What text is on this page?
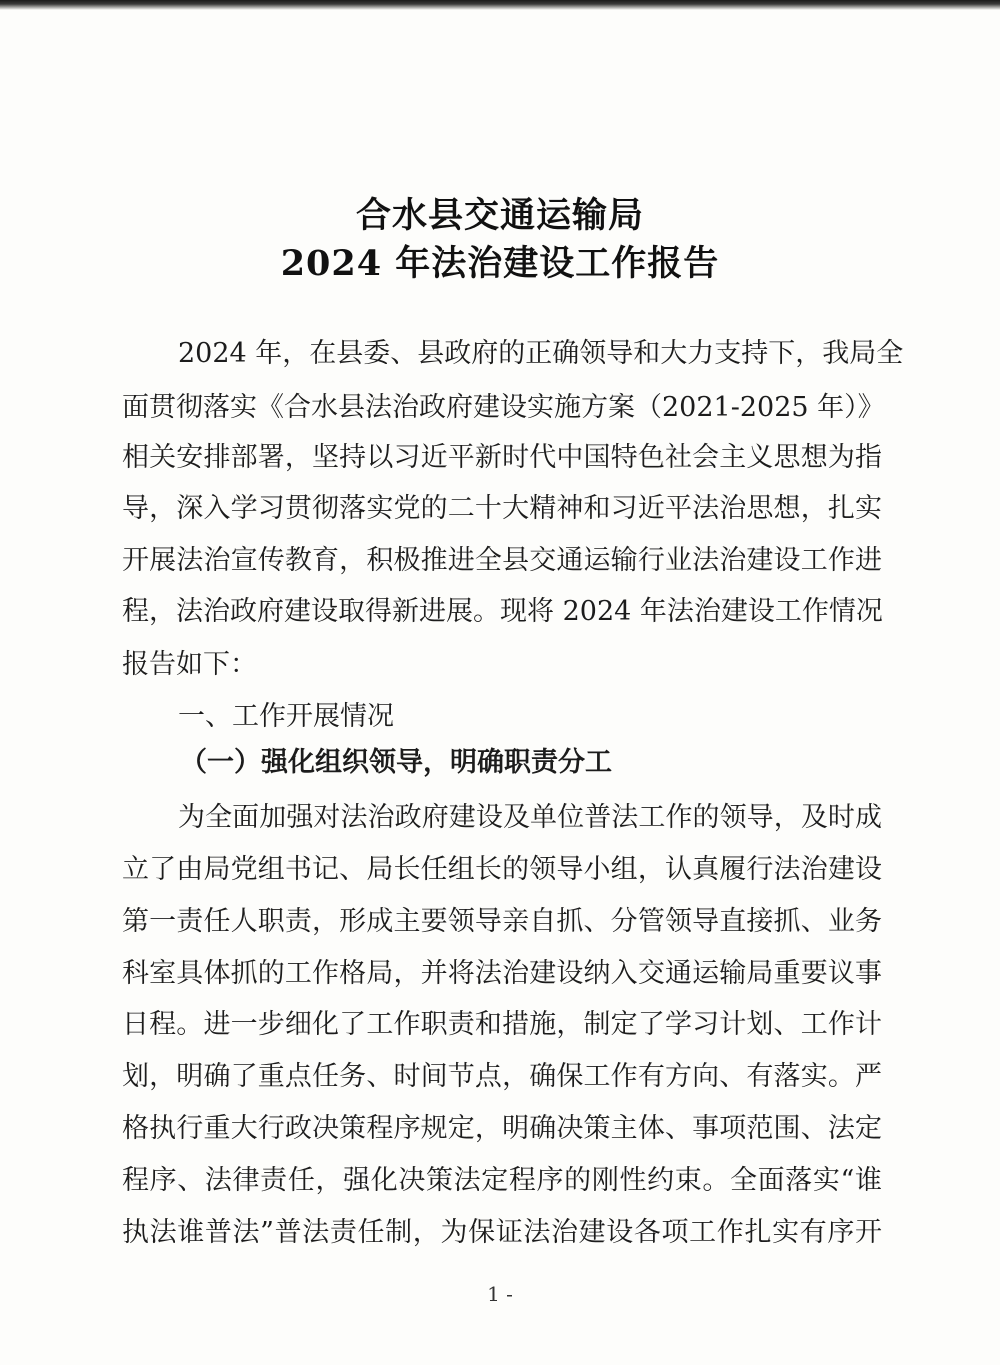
合水县交通运输局
2024 年法治建设工作报告

2024 年，在县委、县政府的正确领导和大力支持下，我局全

面贯彻落实《合水县法治政府建设实施方案（2021-2025 年）》

相关安排部署，坚持以习近平新时代中国特色社会主义思想为指

导，深入学习贯彻落实党的二十大精神和习近平法治思想，扎实

开展法治宣传教育，积极推进全县交通运输行业法治建设工作进

程，法治政府建设取得新进展。现将 2024 年法治建设工作情况

报告如下：

一、工作开展情况

（一）强化组织领导，明确职责分工

为全面加强对法治政府建设及单位普法工作的领导，及时成

立了由局党组书记、局长任组长的领导小组，认真履行法治建设

第一责任人职责，形成主要领导亲自抓、分管领导直接抓、业务

科室具体抓的工作格局，并将法治建设纳入交通运输局重要议事

日程。进一步细化了工作职责和措施，制定了学习计划、工作计

划，明确了重点任务、时间节点，确保工作有方向、有落实。严

格执行重大行政决策程序规定，明确决策主体、事项范围、法定

程序、法律责任，强化决策法定程序的刚性约束。全面落实“谁

执法谁普法”普法责任制，为保证法治建设各项工作扎实有序开

1 -
